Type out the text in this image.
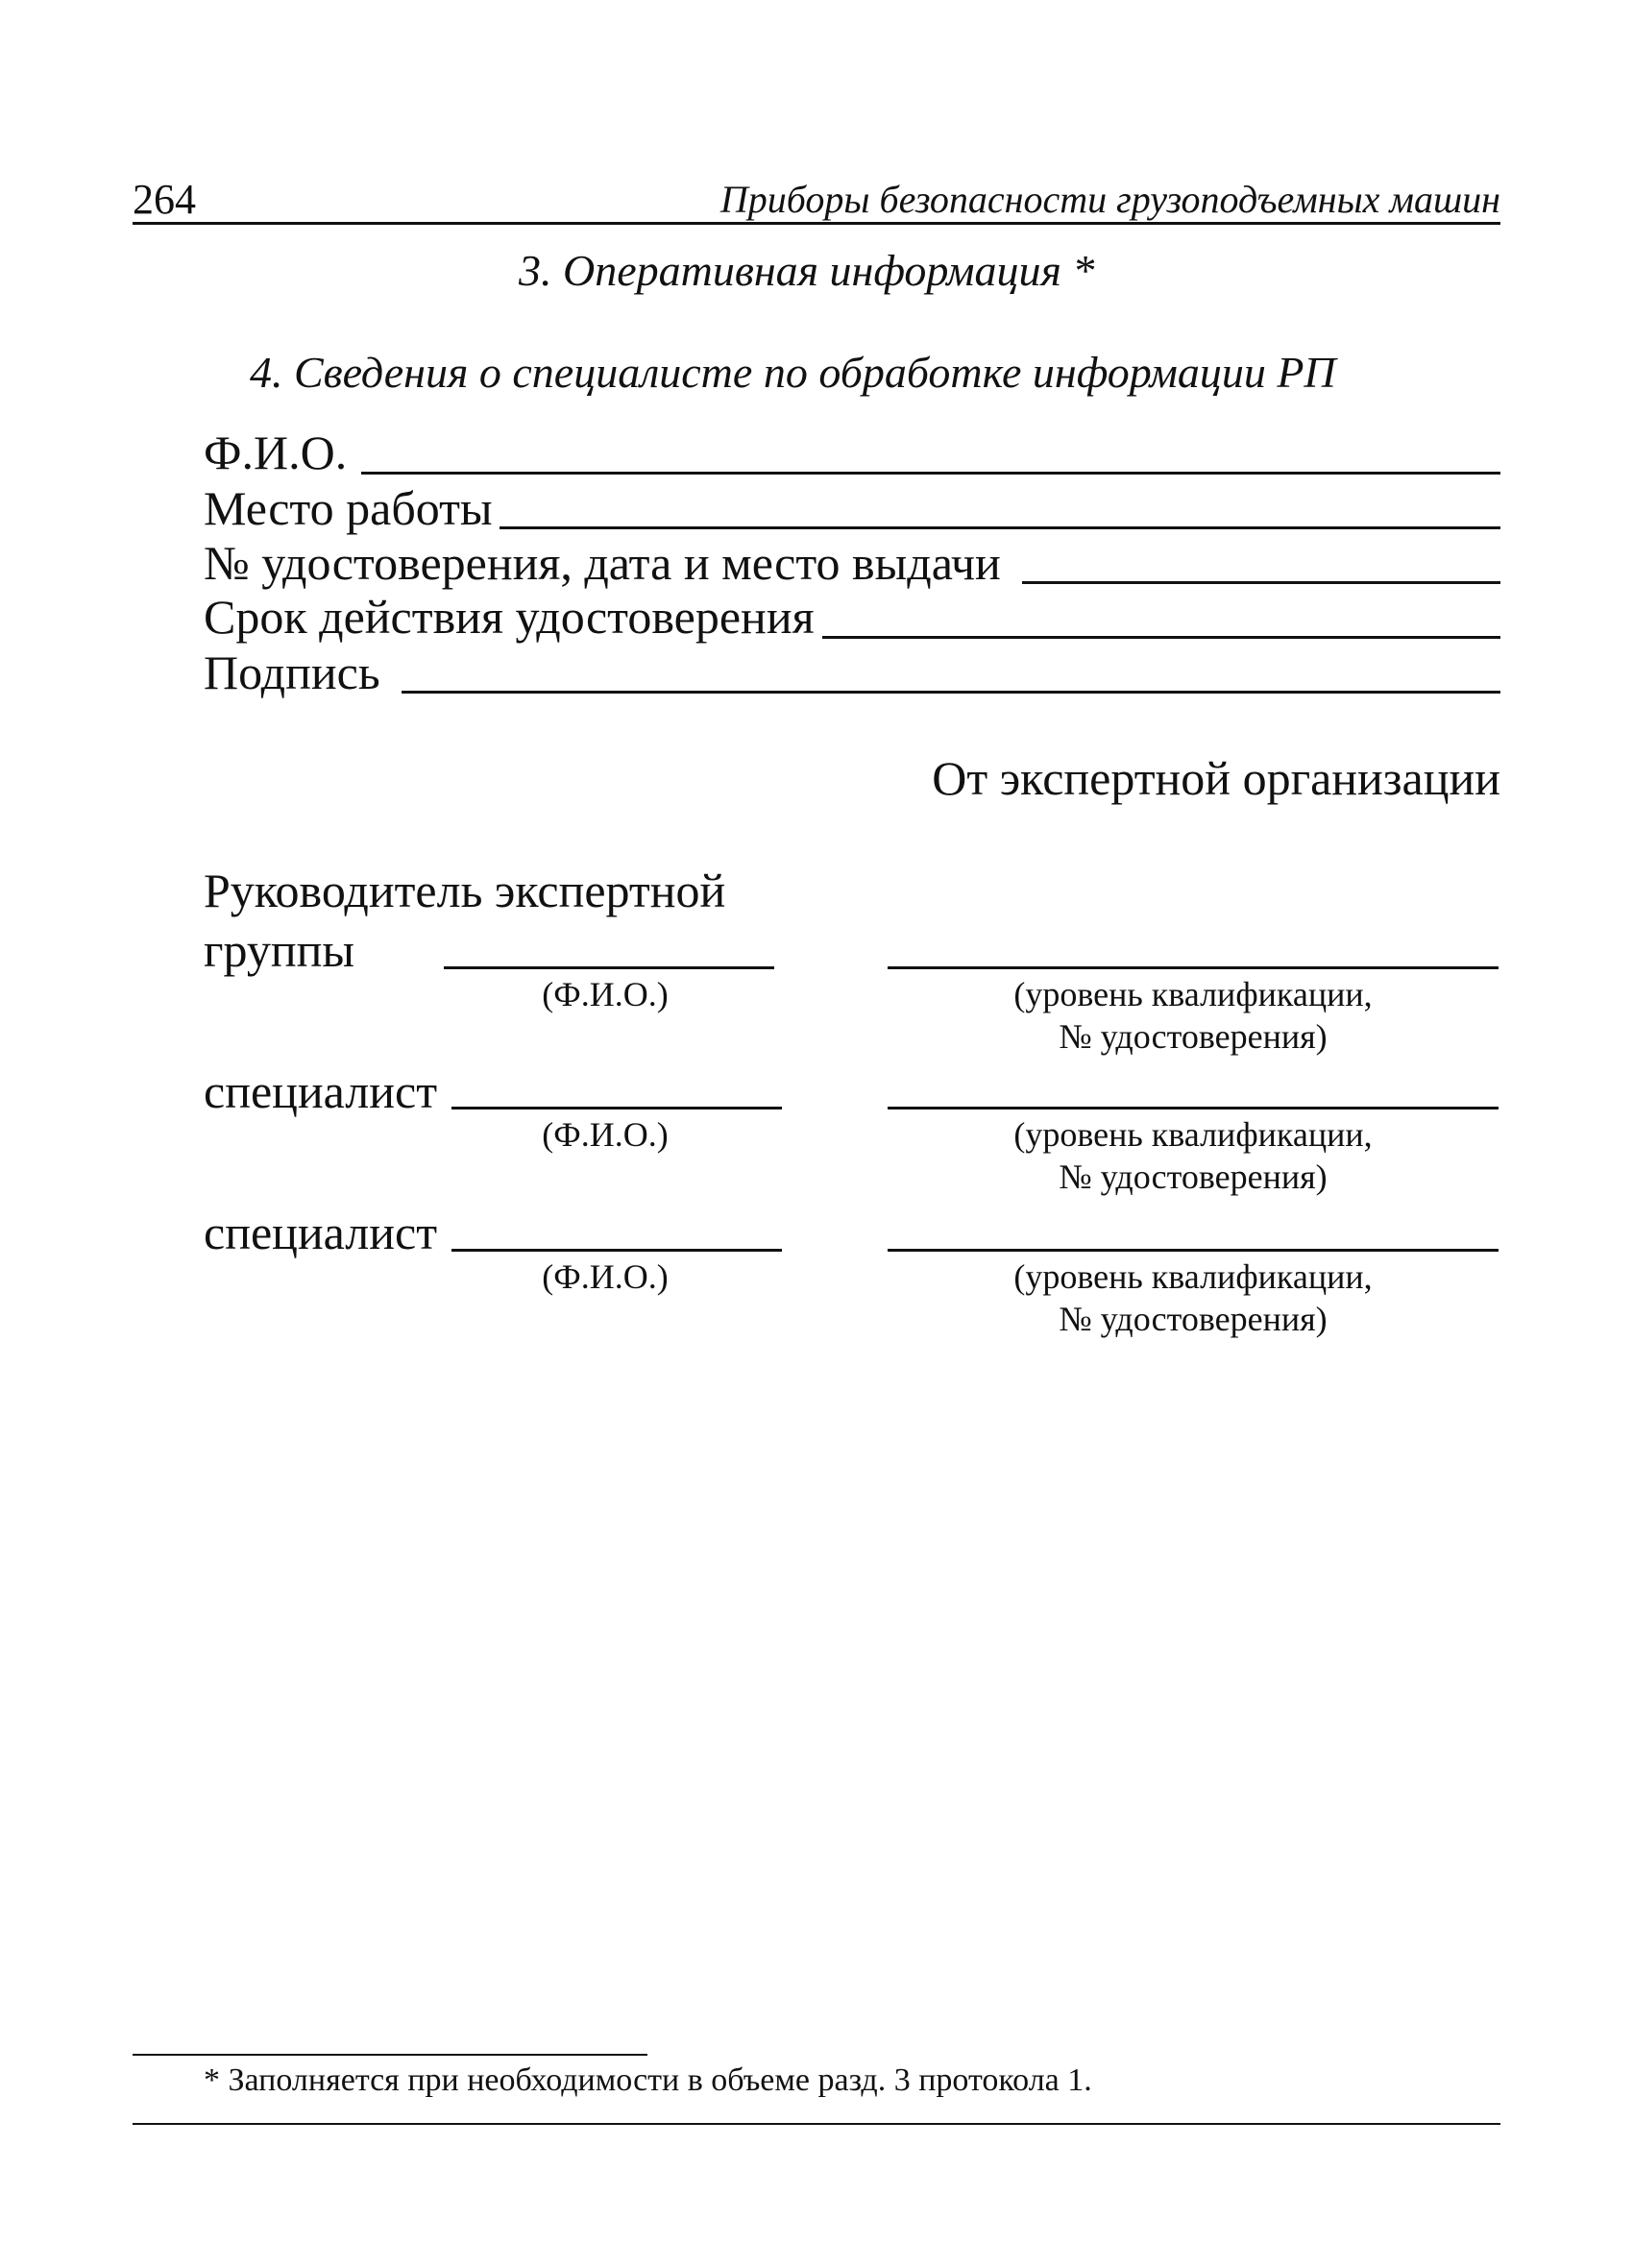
264	Приборы безопасности грузоподъемных машин
3. Оперативная информация *
4. Сведения о специалисте по обработке информации РП
Ф.И.О.
Место работы
№ удостоверения, дата и место выдачи
Срок действия удостоверения
Подпись
От экспертной организации
Руководитель экспертной
группы
(Ф.И.О.)	(уровень квалификации,
№ удостоверения)
специалист
(Ф.И.О.)	(уровень квалификации,
№ удостоверения)
специалист
(Ф.И.О.)	(уровень квалификации,
№ удостоверения)
* Заполняется при необходимости в объеме разд. 3 протокола 1.
